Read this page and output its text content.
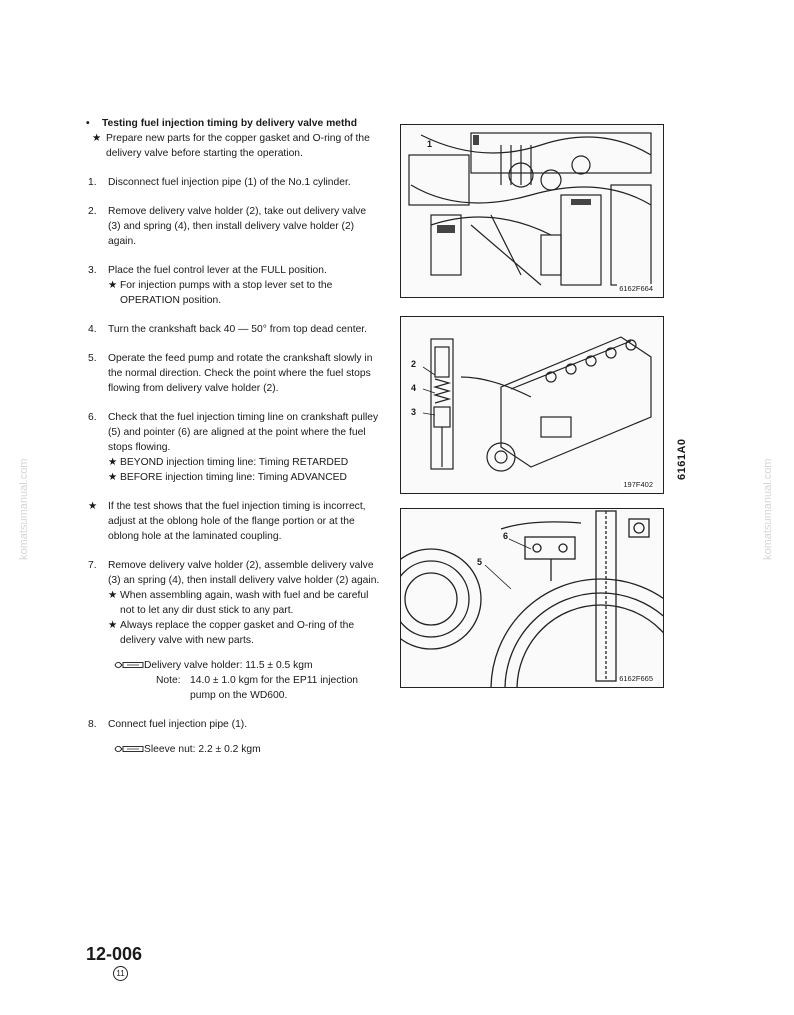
• Testing fuel injection timing by delivery valve methd
★ Prepare new parts for the copper gasket and O-ring of the delivery valve before starting the operation.
1. Disconnect fuel injection pipe (1) of the No.1 cylinder.
2. Remove delivery valve holder (2), take out delivery valve (3) and spring (4), then install delivery valve holder (2) again.
3. Place the fuel control lever at the FULL position.
★ For injection pumps with a stop lever set to the OPERATION position.
4. Turn the crankshaft back 40 — 50° from top dead center.
5. Operate the feed pump and rotate the crankshaft slowly in the normal direction. Check the point where the fuel stops flowing from delivery valve holder (2).
6. Check that the fuel injection timing line on crankshaft pulley (5) and pointer (6) are aligned at the point where the fuel stops flowing.
★ BEYOND injection timing line: Timing RETARDED
★ BEFORE injection timing line: Timing ADVANCED
★ If the test shows that the fuel injection timing is incorrect, adjust at the oblong hole of the flange portion or at the oblong hole at the laminated coupling.
7. Remove delivery valve holder (2), assemble delivery valve (3) an spring (4), then install delivery valve holder (2) again.
★ When assembling again, wash with fuel and be careful not to let any dir dust stick to any part.
★ Always replace the copper gasket and O-ring of the delivery valve with new parts.
Delivery valve holder: 11.5 ± 0.5 kgm
Note: 14.0 ± 1.0 kgm for the EP11 injection pump on the WD600.
8. Connect fuel injection pipe (1).
Sleeve nut: 2.2 ± 0.2 kgm
1
6162F664
2
4
3
197F402
6
5
6162F665
6161A0
komatsumanual.com	komatsumanual.com
12-006
11
